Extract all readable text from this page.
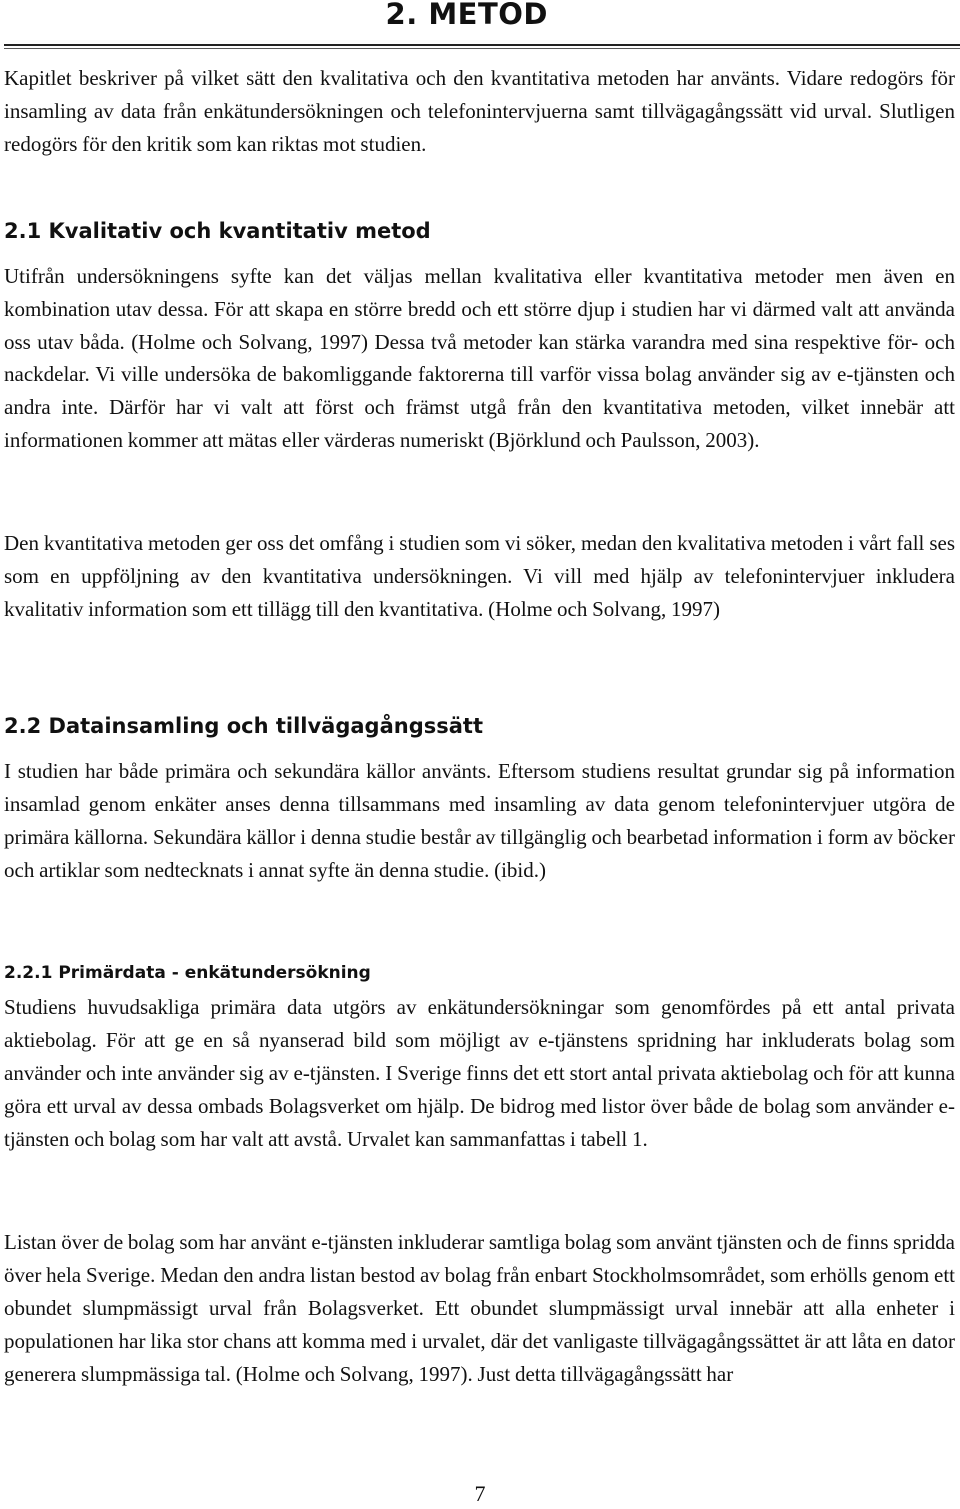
2. METOD

Kapitlet beskriver på vilket sätt den kvalitativa och den kvantitativa metoden har använts. Vidare redogörs för insamling av data från enkätundersökningen och telefonintervjuerna samt tillvägagångssätt vid urval. Slutligen redogörs för den kritik som kan riktas mot studien.

2.1 Kvalitativ och kvantitativ metod

Utifrån undersökningens syfte kan det väljas mellan kvalitativa eller kvantitativa metoder men även en kombination utav dessa. För att skapa en större bredd och ett större djup i studien har vi därmed valt att använda oss utav båda. (Holme och Solvang, 1997) Dessa två metoder kan stärka varandra med sina respektive för- och nackdelar. Vi ville undersöka de bakomliggande faktorerna till varför vissa bolag använder sig av e-tjänsten och andra inte. Därför har vi valt att först och främst utgå från den kvantitativa metoden, vilket innebär att informationen kommer att mätas eller värderas numeriskt (Björklund och Paulsson, 2003).

Den kvantitativa metoden ger oss det omfång i studien som vi söker, medan den kvalitativa metoden i vårt fall ses som en uppföljning av den kvantitativa undersökningen. Vi vill med hjälp av telefonintervjuer inkludera kvalitativ information som ett tillägg till den kvantitativa. (Holme och Solvang, 1997)

2.2 Datainsamling och tillvägagångssätt

I studien har både primära och sekundära källor använts. Eftersom studiens resultat grundar sig på information insamlad genom enkäter anses denna tillsammans med insamling av data genom telefonintervjuer utgöra de primära källorna. Sekundära källor i denna studie består av tillgänglig och bearbetad information i form av böcker och artiklar som nedtecknats i annat syfte än denna studie. (ibid.)

2.2.1 Primärdata - enkätundersökning

Studiens huvudsakliga primära data utgörs av enkätundersökningar som genomfördes på ett antal privata aktiebolag. För att ge en så nyanserad bild som möjligt av e-tjänstens spridning har inkluderats bolag som använder och inte använder sig av e-tjänsten. I Sverige finns det ett stort antal privata aktiebolag och för att kunna göra ett urval av dessa ombads Bolagsverket om hjälp. De bidrog med listor över både de bolag som använder e-tjänsten och bolag som har valt att avstå. Urvalet kan sammanfattas i tabell 1.

Listan över de bolag som har använt e-tjänsten inkluderar samtliga bolag som använt tjänsten och de finns spridda över hela Sverige. Medan den andra listan bestod av bolag från enbart Stockholmsområdet, som erhölls genom ett obundet slumpmässigt urval från Bolagsverket. Ett obundet slumpmässigt urval innebär att alla enheter i populationen har lika stor chans att komma med i urvalet, där det vanligaste tillvägagångssättet är att låta en dator generera slumpmässiga tal. (Holme och Solvang, 1997). Just detta tillvägagångssätt har

7
